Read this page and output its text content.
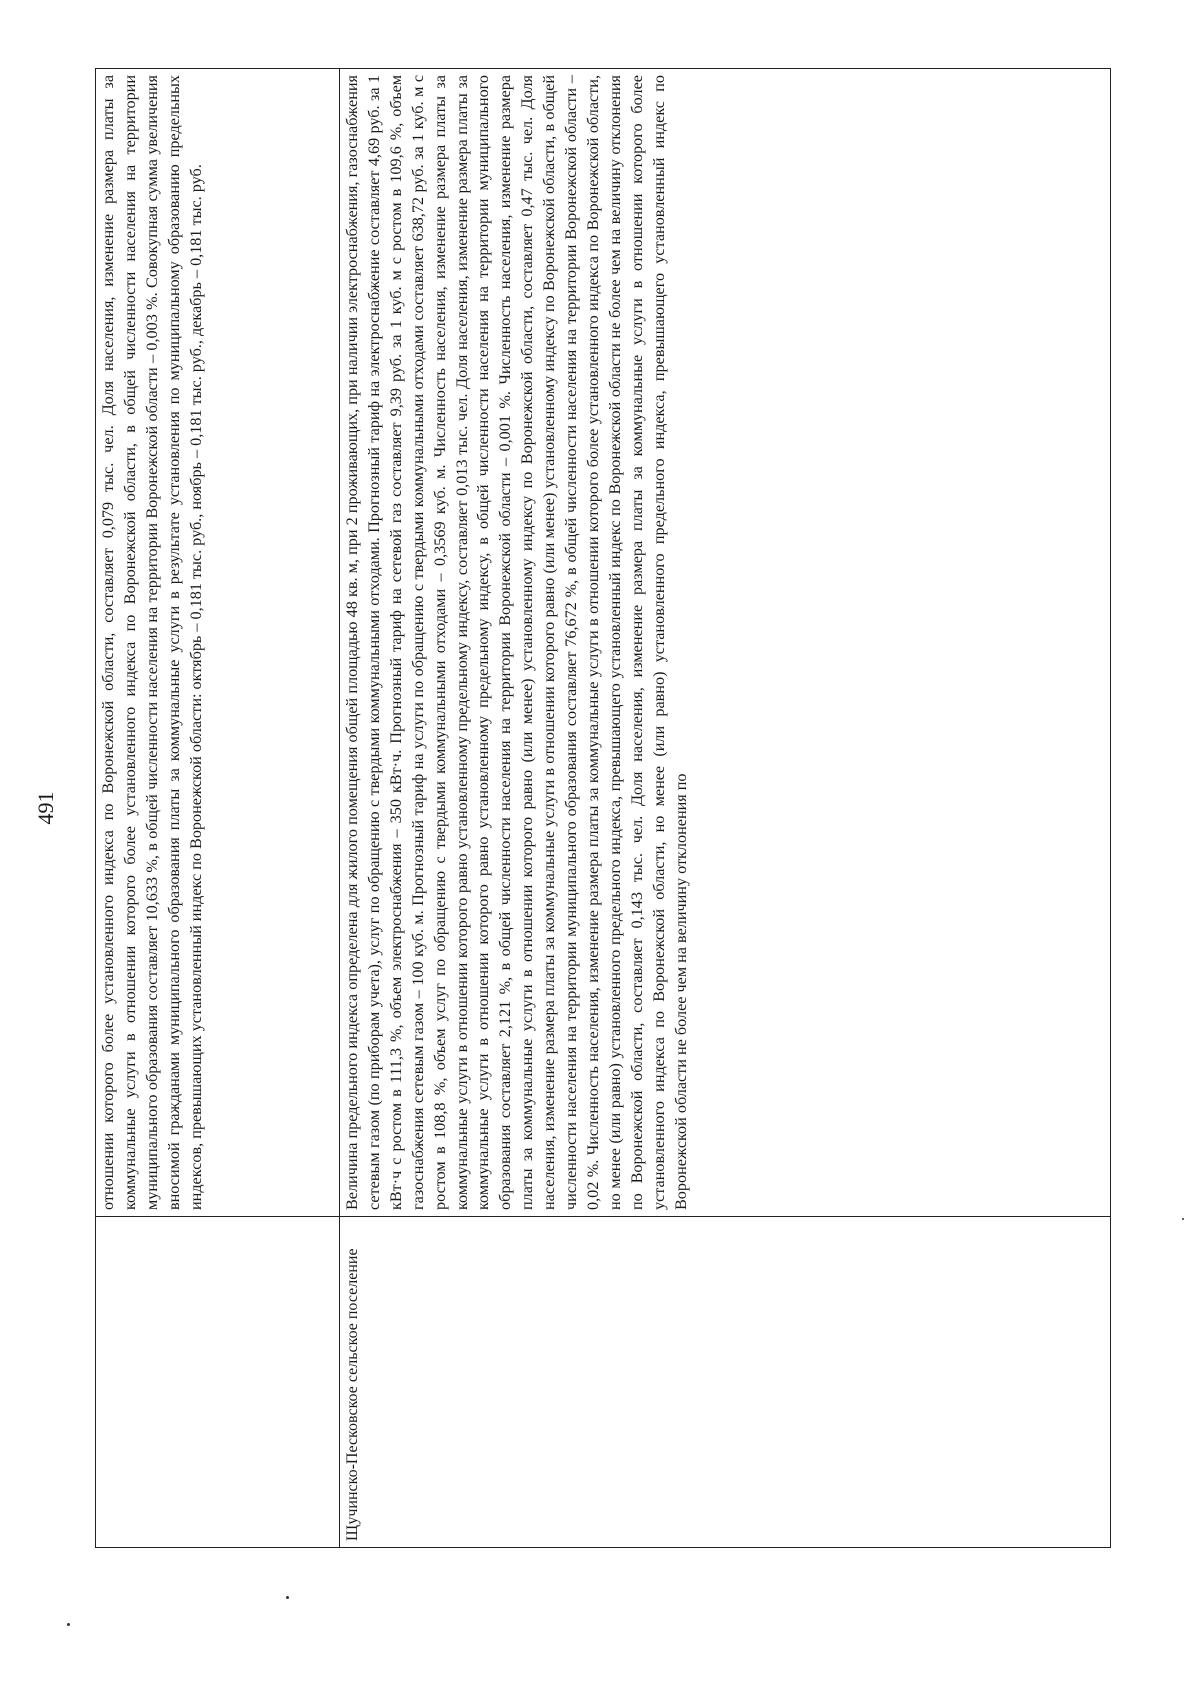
491
		отношении которого более установленного индекса по Воронежской области, составляет 0,079 тыс. чел. Доля населения, изменение размера платы за коммунальные услуги в отношении которого более установленного индекса по Воронежской области, в общей численности населения на территории муниципального образования составляет 10,633 %, в общей численности населения на территории Воронежской области – 0,003 %. Совокупная сумма увеличения вносимой гражданами муниципального образования платы за коммунальные услуги в результате установления по муниципальному образованию предельных индексов, превышающих установленный индекс по Воронежской области: октябрь – 0,181 тыс. руб., ноябрь – 0,181 тыс. руб., декабрь – 0,181 тыс. руб.
Щучинско-Песковское сельское поселение	Величина предельного индекса определена для жилого помещения общей площадью 48 кв. м, при 2 проживающих, при наличии электроснабжения, газоснабжения сетевым газом (по приборам учета), услуг по обращению с твердыми коммунальными отходами. Прогнозный тариф на электроснабжение составляет 4,69 руб. за 1 кВт·ч с ростом в 111,3 %, объем электроснабжения – 350 кВт·ч. Прогнозный тариф на сетевой газ составляет 9,39 руб. за 1 куб. м с ростом в 109,6 %, объем газоснабжения сетевым газом – 100 куб. м. Прогнозный тариф на услуги по обращению с твердыми коммунальными отходами составляет 638,72 руб. за 1 куб. м с ростом в 108,8 %, объем услуг по обращению с твердыми коммунальными отходами – 0,3569 куб. м. Численность населения, изменение размера платы за коммунальные услуги в отношении которого равно установленному предельному индексу, составляет 0,013 тыс. чел. Доля населения, изменение размера платы за коммунальные услуги в отношении которого равно установленному предельному индексу, в общей численности населения на территории муниципального образования составляет 2,121 %, в общей численности населения на территории Воронежской области – 0,001 %. Численность населения, изменение размера платы за коммунальные услуги в отношении которого равно (или менее) установленному индексу по Воронежской области, составляет 0,47 тыс. чел. Доля населения, изменение размера платы за коммунальные услуги в отношении которого равно (или менее) установленному индексу по Воронежской области, в общей численности населения на территории муниципального образования составляет 76,672 %, в общей численности населения на территории Воронежской области – 0,02 %. Численность населения, изменение размера платы за коммунальные услуги в отношении которого более установленного индекса по Воронежской области, но менее (или равно) установленного предельного индекса, превышающего установленный индекс по Воронежской области не более чем на величину отклонения по Воронежской области, составляет 0,143 тыс. чел. Доля населения, изменение размера платы за коммунальные услуги в отношении которого более установленного индекса по Воронежской области, но менее (или равно) установленного предельного индекса, превышающего установленный индекс по Воронежской области не более чем на величину отклонения по
